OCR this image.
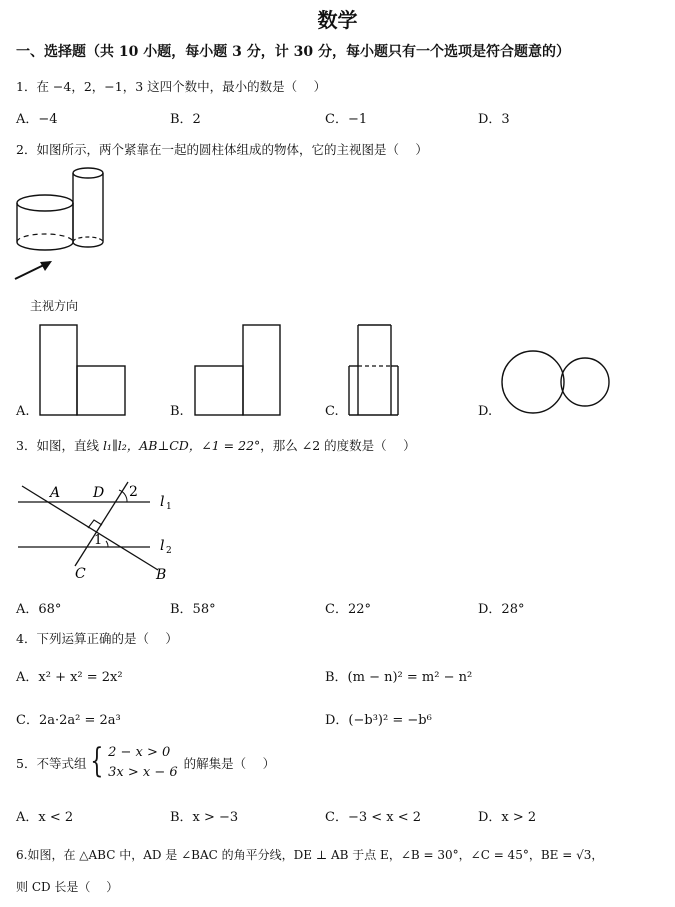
数学
一、选择题（共 10 小题，每小题 3 分，计 30 分，每小题只有一个选项是符合题意的）
1．在 −4，2，−1，3 这四个数中，最小的数是（　 ）
A．−4	B．2	C．−1	D．3
2．如图所示，两个紧靠在一起的圆柱体组成的物体，它的主视图是（　 ）
主视方向
A.	B.	C.	D.
3．如图，直线 l₁∥l₂，AB⊥CD，∠1 = 22°，那么 ∠2 的度数是（　 ）
A D 2
l 1
1	l 2
C	B
A．68°	B．58°	C．22°	D．28°
4．下列运算正确的是（　 ）
A．x² + x² = 2x²	B．(m − n)² = m² − n²
C．2a·2a² = 2a³	D．(−b³)² = −b⁶
5．不等式组 { 2 − x > 0
3x > x − 6的解集是（　 ）
A．x < 2	B．x > −3	C．−3 < x < 2	D．x > 2
6.如图，在 △ABC 中，AD 是 ∠BAC 的角平分线，DE ⊥ AB 于点 E，∠B = 30°，∠C = 45°，BE = √3，
则 CD 长是（　 ）
